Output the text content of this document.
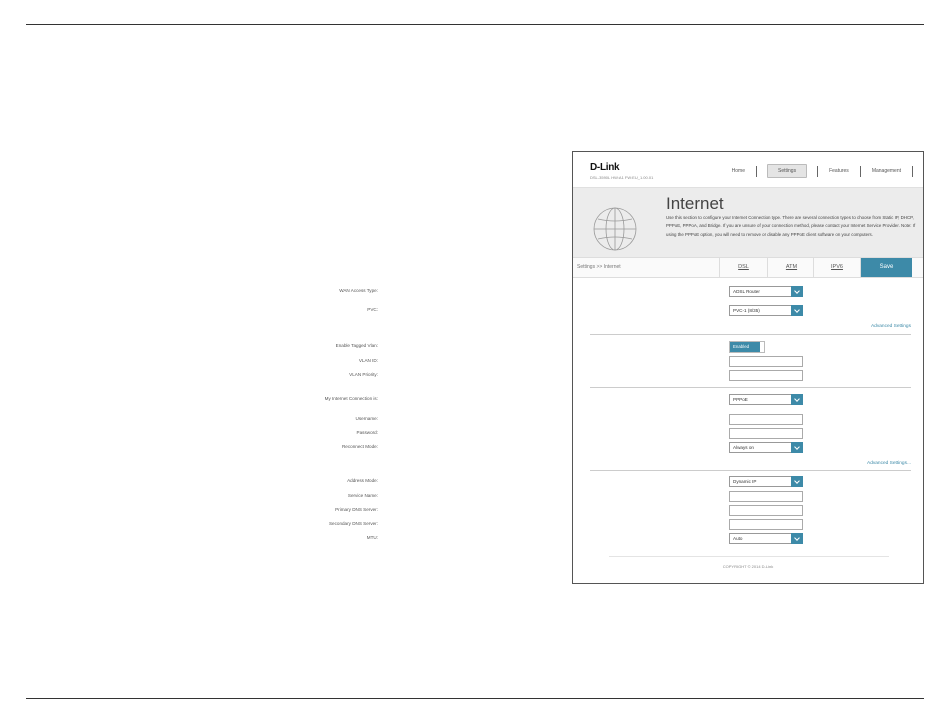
D-Link
DSL-3590L HW:A1 FW:EU_1.00.01
Home	Settings	Features	Management
Internet

Use this section to configure your Internet Connection type. There are several connection types to choose from Static IP, DHCP, PPPoE, PPPoA, and Bridge. If you are unsure of your connection method, please contact your Internet Service Provider. Note: If using the PPPoE option, you will need to remove or disable any PPPoE client software on your computers.

Settings >> Internet	DSL	ATM	IPV6	Save
WAN Access Type:	ADSL Router
PVC:	PVC-1 (8/35)
Advanced Settings
Enable Tagged Vlan:	Enabled
VLAN ID:
VLAN Priority:
My Internet Connection is:	PPPoE
Username:
Password:
Reconnect Mode:	Always on
Advanced Settings...
Address Mode:	Dynamic IP
Service Name:
Primary DNS Server:
Secondary DNS Server:
MTU:	Auto
COPYRIGHT © 2014 D-Link
